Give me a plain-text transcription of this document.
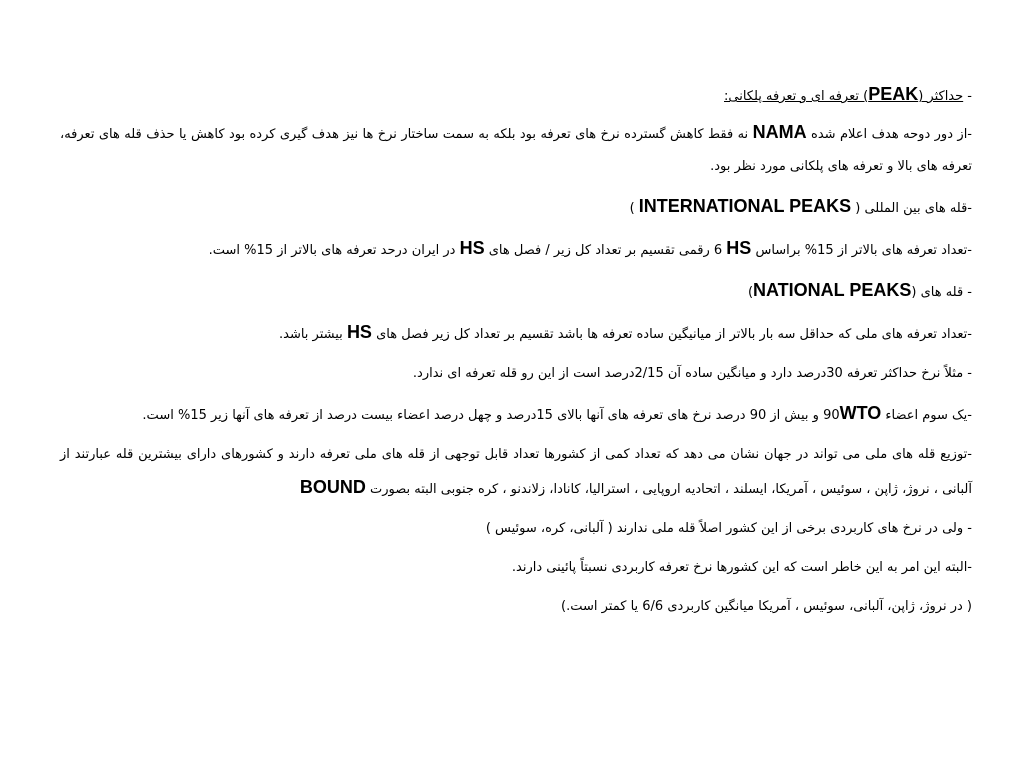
- حداکثر (PEAK) تعرفه ای و تعرفه پلکانی:
-از دور دوحه هدف اعلام شده NAMA نه فقط کاهش گسترده نرخ های تعرفه بود بلکه به سمت ساختار نرخ ها نیز هدف گیری کرده بود کاهش یا حذف قله های تعرفه، تعرفه های بالا و تعرفه های پلکانی مورد نظر بود.
-قله های بین المللی ( INTERNATIONAL PEAKS )
-تعداد تعرفه های بالاتر از 15% براساس HS 6 رقمی تقسیم بر تعداد کل زیر / فصل های HS در ایران درحد تعرفه های بالاتر از 15% است.
- قله های (NATIONAL PEAKS)
-تعداد تعرفه های ملی که حداقل سه بار بالاتر از میانیگین ساده تعرفه ها باشد تقسیم بر تعداد کل زیر فصل های HS بیشتر باشد.
- مثلاً نرخ حداکثر تعرفه 30درصد دارد و میانگین ساده آن 2/15درصد است از این رو قله تعرفه ای ندارد.
-یک سوم اعضاء WTO90 و بیش از 90 درصد نرخ های تعرفه های آنها بالای 15درصد و چهل درصد اعضاء بیست درصد از تعرفه های آنها زیر 15% است.
-توزیع قله های ملی می تواند در جهان نشان می دهد که تعداد کمی از کشورها تعداد قابل توجهی از قله های ملی تعرفه دارند و کشورهای دارای بیشترین قله عبارتند از آلبانی ، نروژ، ژاپن ، سوئیس ، آمریکا، ایسلند ، اتحادیه اروپایی ، استرالیا، کانادا، زلاندنو ، کره جنوبی البته بصورت BOUND
- ولی در نرخ های کاربردی برخی از این کشور اصلاً قله ملی ندارند ( آلبانی، کره، سوئیس )
-البته این امر به این خاطر است که این کشورها نرخ تعرفه کاربردی نسبتاً پائینی دارند.
( در نروژ، ژاپن، آلبانی، سوئیس ، آمریکا میانگین کاربردی 6/6 یا کمتر است.)
